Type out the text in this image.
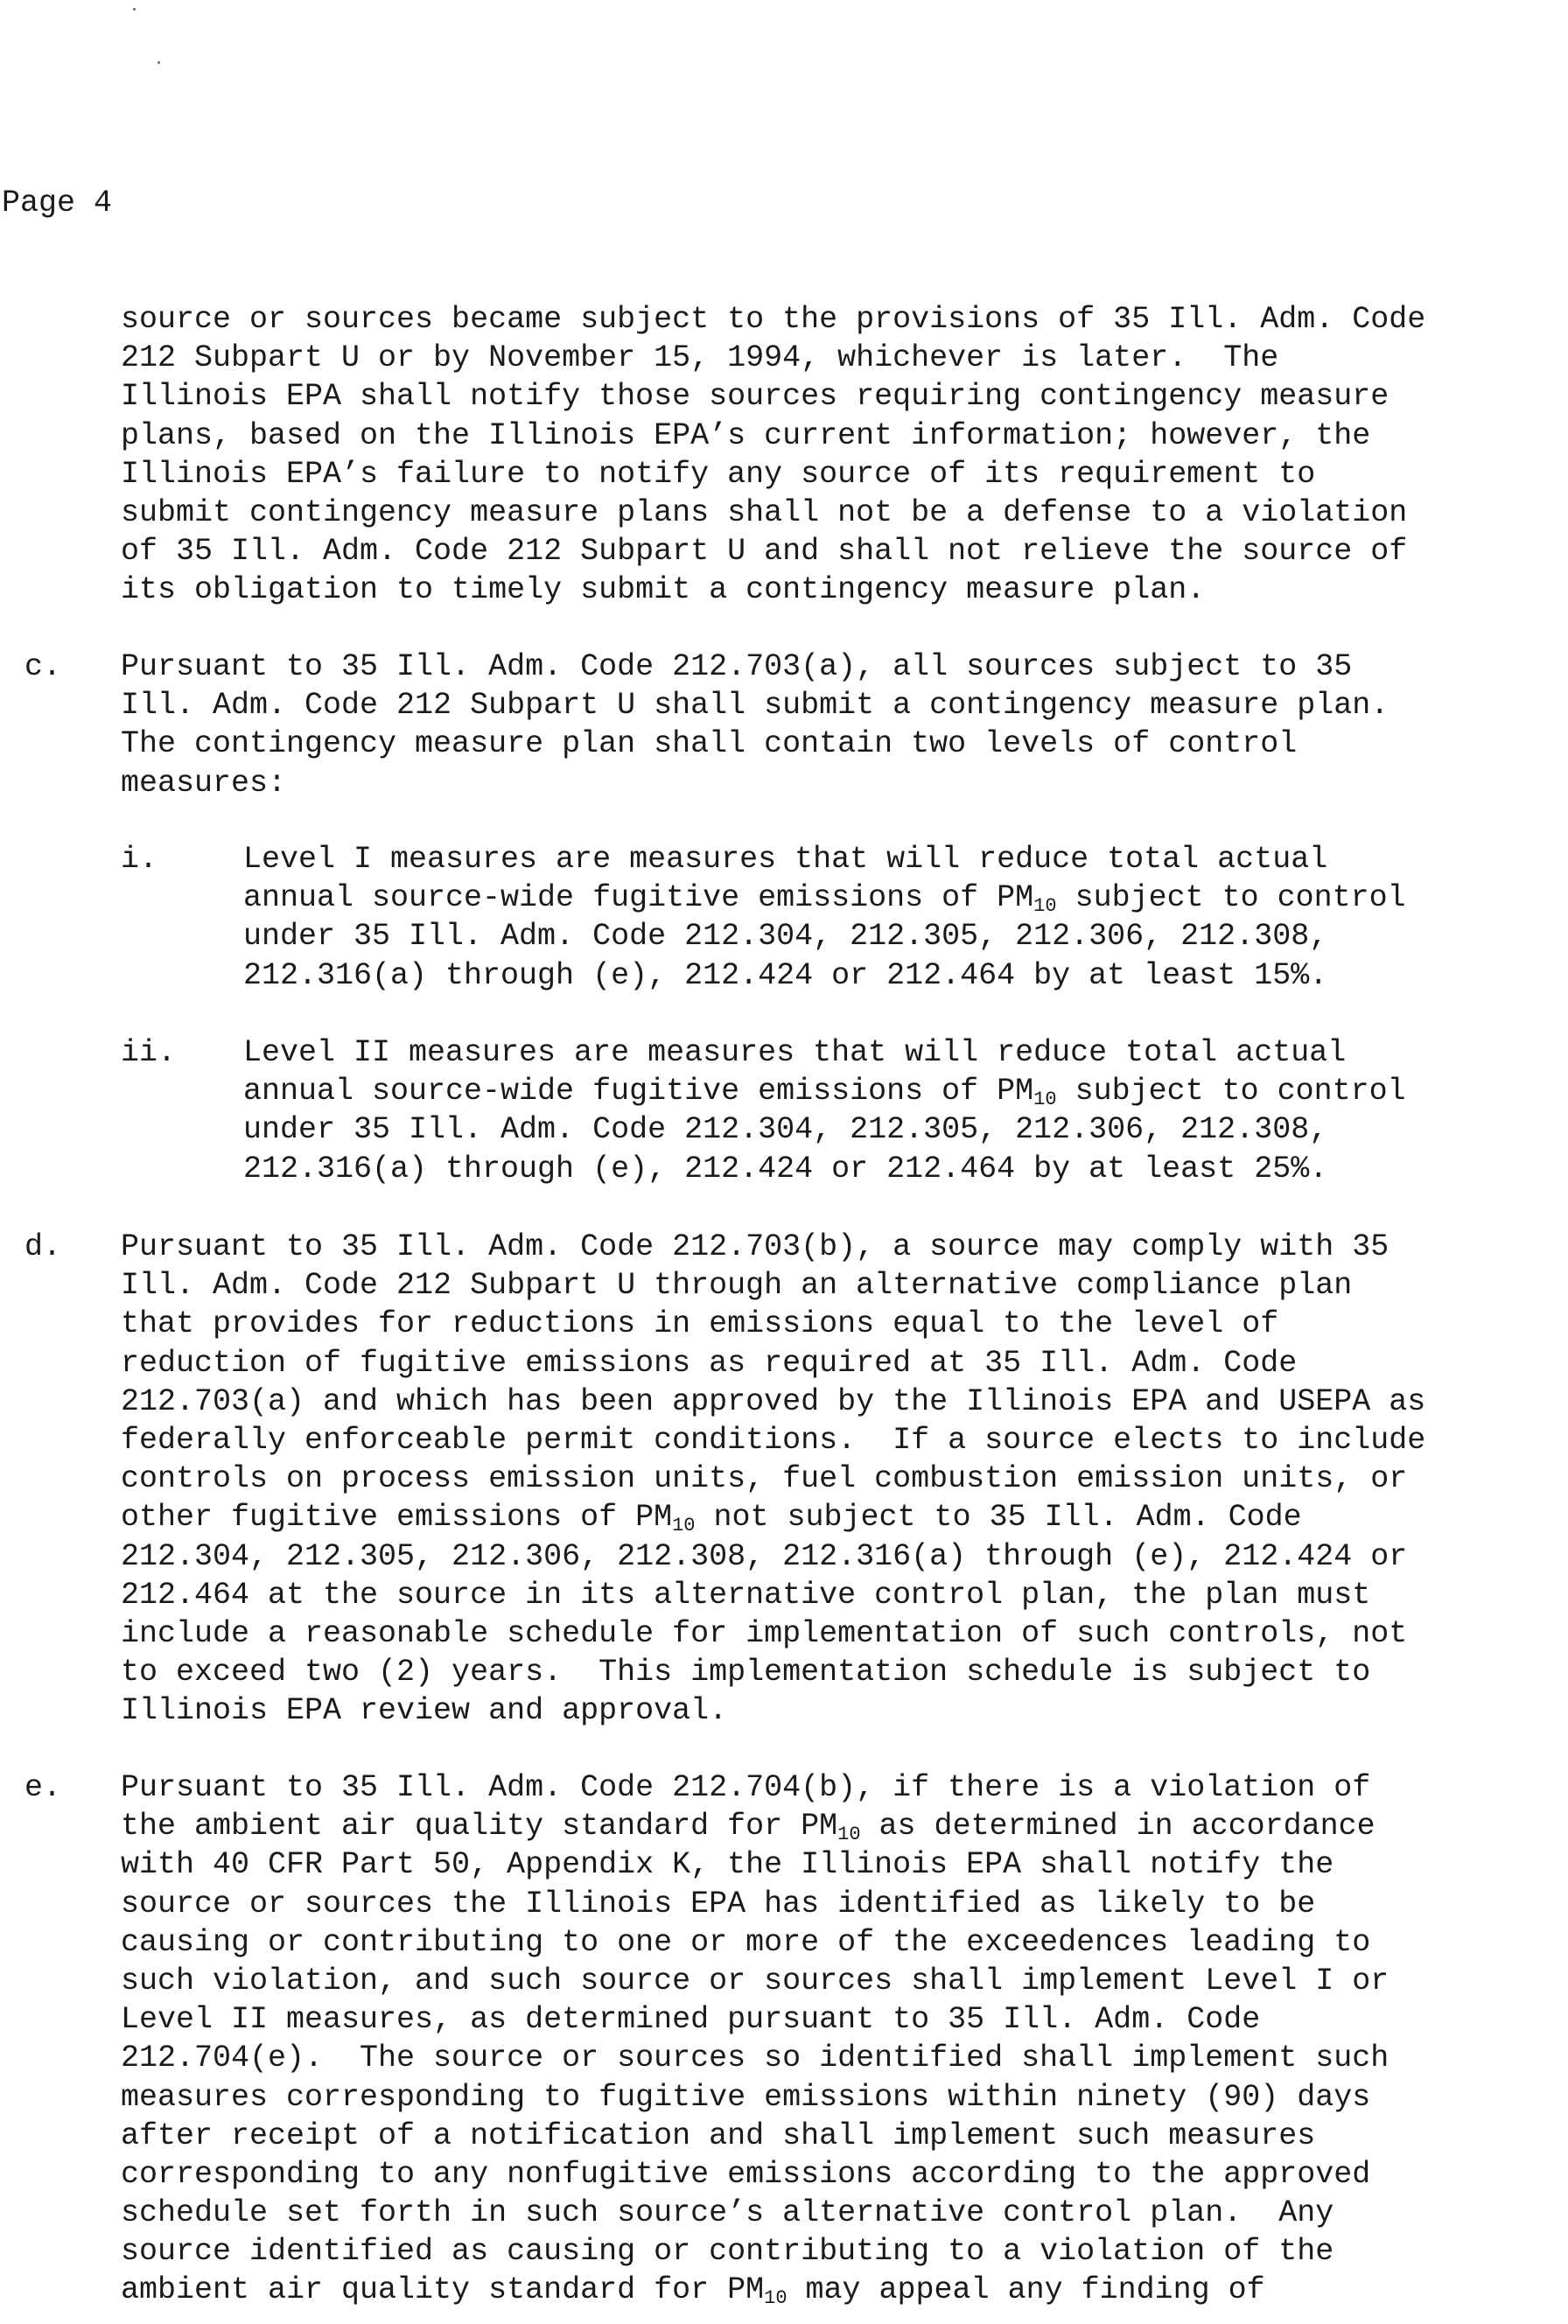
Page 4
source or sources became subject to the provisions of 35 Ill. Adm. Code
212 Subpart U or by November 15, 1994, whichever is later.  The
Illinois EPA shall notify those sources requiring contingency measure
plans, based on the Illinois EPA’s current information; however, the
Illinois EPA’s failure to notify any source of its requirement to
submit contingency measure plans shall not be a defense to a violation
of 35 Ill. Adm. Code 212 Subpart U and shall not relieve the source of
its obligation to timely submit a contingency measure plan.
c. Pursuant to 35 Ill. Adm. Code 212.703(a), all sources subject to 35
Ill. Adm. Code 212 Subpart U shall submit a contingency measure plan.
The contingency measure plan shall contain two levels of control
measures:
i.	Level I measures are measures that will reduce total actual
annual source-wide fugitive emissions of $PM_{10}$ subject to control
under 35 Ill. Adm. Code 212.304, 212.305, 212.306, 212.308,
212.316(a) through (e), 212.424 or 212.464 by at least 15%.
ii. Level II measures are measures that will reduce total actual
annual source-wide fugitive emissions of $PM_{10}$ subject to control
under 35 Ill. Adm. Code 212.304, 212.305, 212.306, 212.308,
212.316(a) through (e), 212.424 or 212.464 by at least 25%.
d. Pursuant to 35 Ill. Adm. Code 212.703(b), a source may comply with 35
Ill. Adm. Code 212 Subpart U through an alternative compliance plan
that provides for reductions in emissions equal to the level of
reduction of fugitive emissions as required at 35 Ill. Adm. Code
212.703(a) and which has been approved by the Illinois EPA and USEPA as
federally enforceable permit conditions.  If a source elects to include
controls on process emission units, fuel combustion emission units, or
other fugitive emissions of $PM_{10}$ not subject to 35 Ill. Adm. Code
212.304, 212.305, 212.306, 212.308, 212.316(a) through (e), 212.424 or
212.464 at the source in its alternative control plan, the plan must
include a reasonable schedule for implementation of such controls, not
to exceed two (2) years.  This implementation schedule is subject to
Illinois EPA review and approval.
e. Pursuant to 35 Ill. Adm. Code 212.704(b), if there is a violation of
the ambient air quality standard for $PM_{10}$ as determined in accordance
with 40 CFR Part 50, Appendix K, the Illinois EPA shall notify the
source or sources the Illinois EPA has identified as likely to be
causing or contributing to one or more of the exceedences leading to
such violation, and such source or sources shall implement Level I or
Level II measures, as determined pursuant to 35 Ill. Adm. Code
212.704(e).  The source or sources so identified shall implement such
measures corresponding to fugitive emissions within ninety (90) days
after receipt of a notification and shall implement such measures
corresponding to any nonfugitive emissions according to the approved
schedule set forth in such source’s alternative control plan.  Any
source identified as causing or contributing to a violation of the
ambient air quality standard for $PM_{10}$ may appeal any finding of
